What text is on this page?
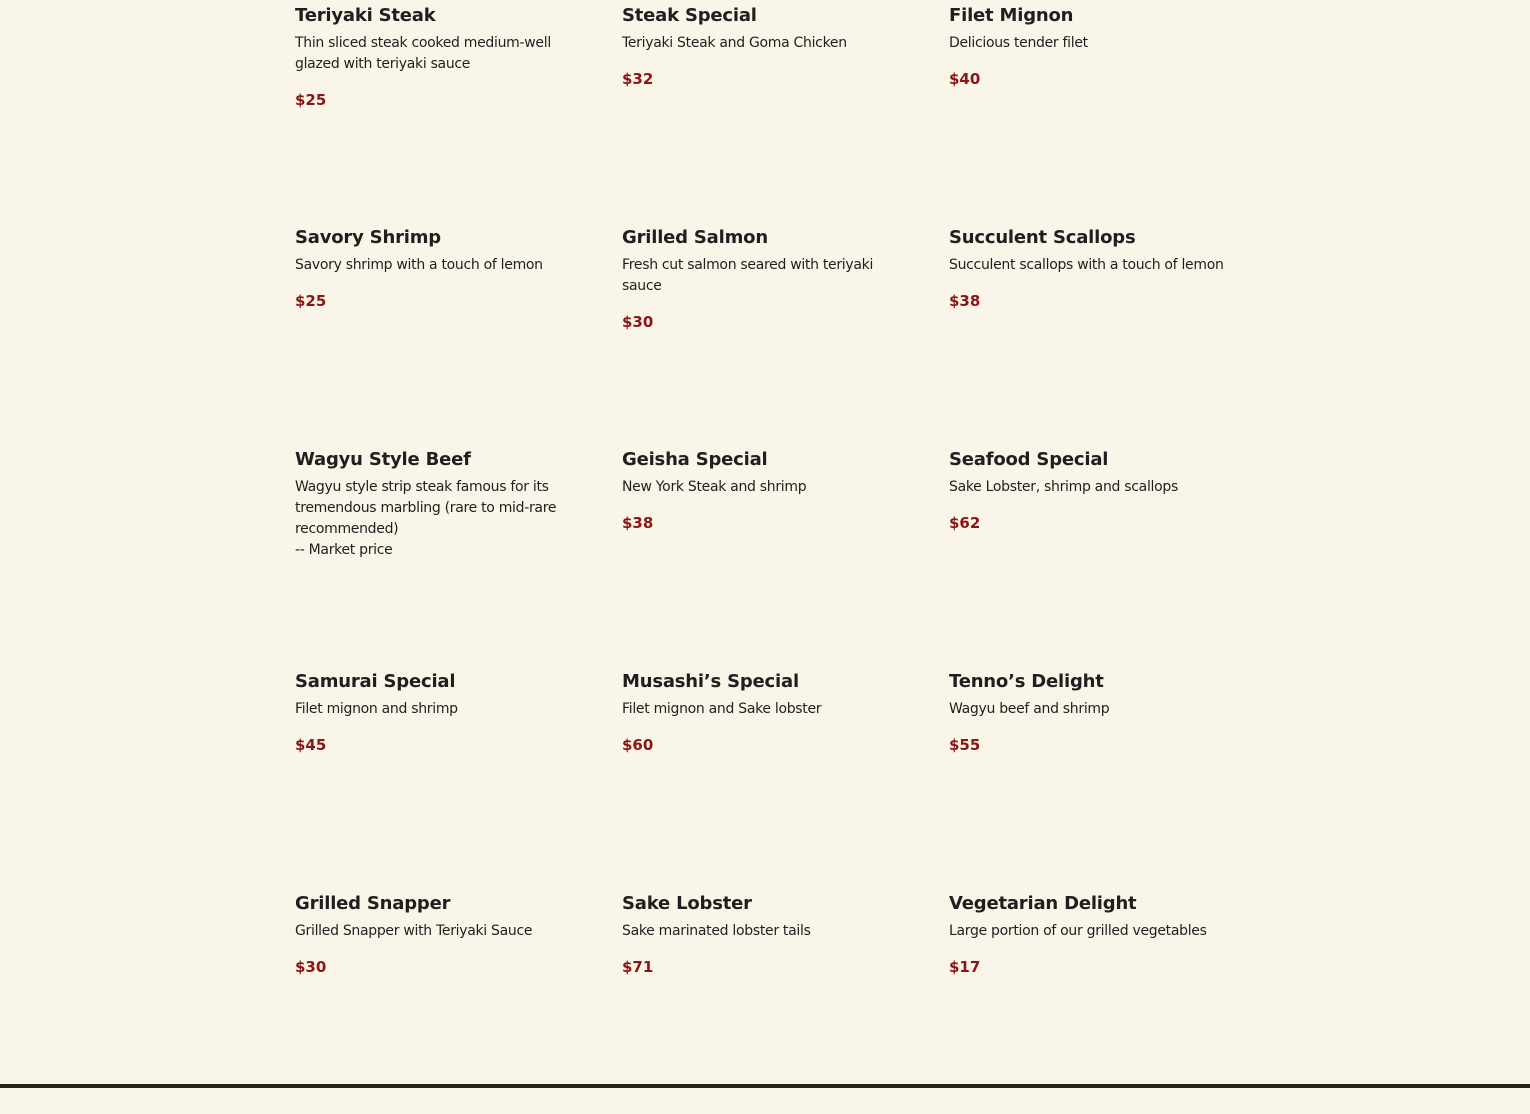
Teriyaki Steak
Thin sliced steak cooked medium-well glazed with teriyaki sauce
$25
Steak Special
Teriyaki Steak and Goma Chicken
$32
Filet Mignon
Delicious tender filet
$40
Savory Shrimp
Savory shrimp with a touch of lemon
$25
Grilled Salmon
Fresh cut salmon seared with teriyaki sauce
$30
Succulent Scallops
Succulent scallops with a touch of lemon
$38
Wagyu Style Beef
Wagyu style strip steak famous for its tremendous marbling (rare to mid-rare recommended)
-- Market price
Geisha Special
New York Steak and shrimp
$38
Seafood Special
Sake Lobster, shrimp and scallops
$62
Samurai Special
Filet mignon and shrimp
$45
Musashi’s Special
Filet mignon and Sake lobster
$60
Tenno’s Delight
Wagyu beef and shrimp
$55
Grilled Snapper
Grilled Snapper with Teriyaki Sauce
$30
Sake Lobster
Sake marinated lobster tails
$71
Vegetarian Delight
Large portion of our grilled vegetables
$17
